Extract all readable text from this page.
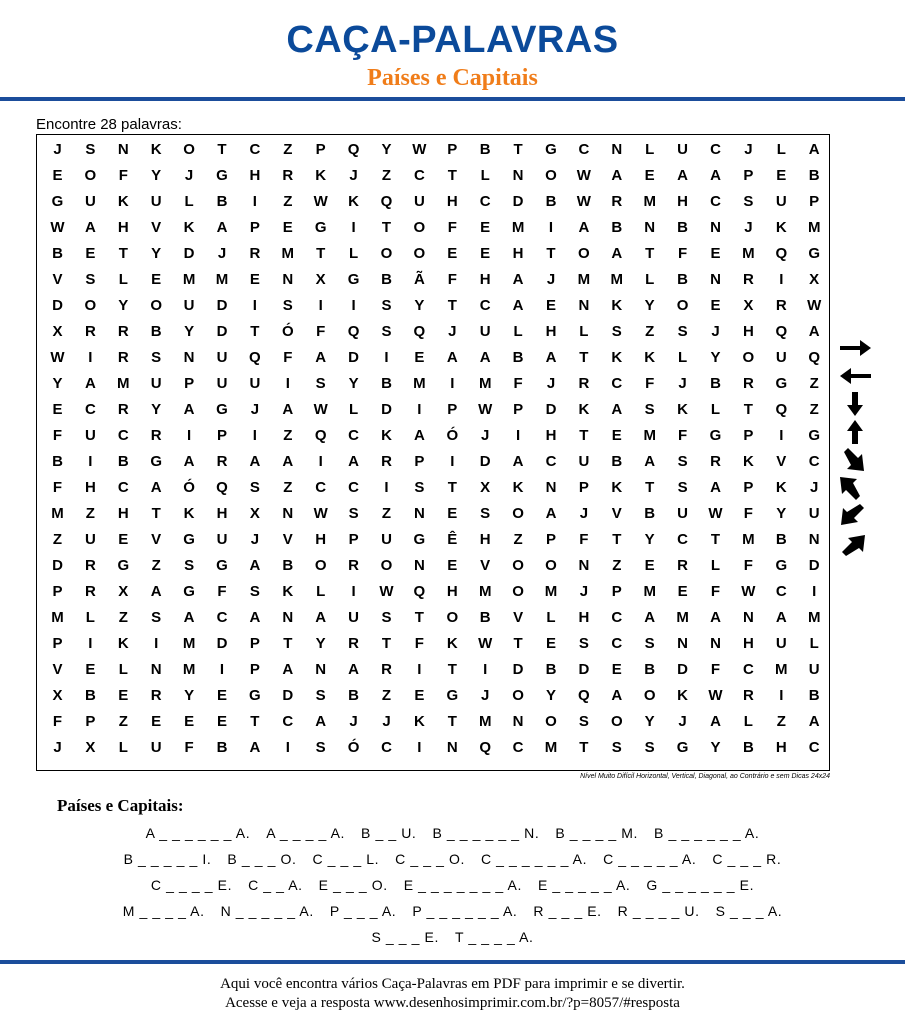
CAÇA-PALAVRAS
Países e Capitais
Encontre 28 palavras:
J	S	N	K	O	T	C	Z	P	Q	Y	W	P	B	T	G	C	N	L	U	C	J	L	A
E	O	F	Y	J	G	H	R	K	J	Z	C	T	L	N	O	W	A	E	A	A	P	E	B
G	U	K	U	L	B	I	Z	W	K	Q	U	H	C	D	B	W	R	M	H	C	S	U	P
W	A	H	V	K	A	P	E	G	I	T	O	F	E	M	I	A	B	N	B	N	J	K	M
B	E	T	Y	D	J	R	M	T	L	O	O	E	E	H	T	O	A	T	F	E	M	Q	G
V	S	L	E	M	M	E	N	X	G	B	Ã	F	H	A	J	M	M	L	B	N	R	I	X
D	O	Y	O	U	D	I	S	I	I	S	Y	T	C	A	E	N	K	Y	O	E	X	R	W
X	R	R	B	Y	D	T	Ó	F	Q	S	Q	J	U	L	H	L	S	Z	S	J	H	Q	A
W	I	R	S	N	U	Q	F	A	D	I	E	A	A	B	A	T	K	K	L	Y	O	U	Q
Y	A	M	U	P	U	U	I	S	Y	B	M	I	M	F	J	R	C	F	J	B	R	G	Z
E	C	R	Y	A	G	J	A	W	L	D	I	P	W	P	D	K	A	S	K	L	T	Q	Z
F	U	C	R	I	P	I	Z	Q	C	K	A	Ó	J	I	H	T	E	M	F	G	P	I	G
B	I	B	G	A	R	A	A	I	A	R	P	I	D	A	C	U	B	A	S	R	K	V	C
F	H	C	A	Ó	Q	S	Z	C	C	I	S	T	X	K	N	P	K	T	S	A	P	K	J
M	Z	H	T	K	H	X	N	W	S	Z	N	E	S	O	A	J	V	B	U	W	F	Y	U
Z	U	E	V	G	U	J	V	H	P	U	G	Ê	H	Z	P	F	T	Y	C	T	M	B	N
D	R	G	Z	S	G	A	B	O	R	O	N	E	V	O	O	N	Z	E	R	L	F	G	D
P	R	X	A	G	F	S	K	L	I	W	Q	H	M	O	M	J	P	M	E	F	W	C	I
M	L	Z	S	A	C	A	N	A	U	S	T	O	B	V	L	H	C	A	M	A	N	A	M
P	I	K	I	M	D	P	T	Y	R	T	F	K	W	T	E	S	C	S	N	N	H	U	L
V	E	L	N	M	I	P	A	N	A	R	I	T	I	D	B	D	E	B	D	F	C	M	U
X	B	E	R	Y	E	G	D	S	B	Z	E	G	J	O	Y	Q	A	O	K	W	R	I	B
F	P	Z	E	E	E	T	C	A	J	J	K	T	M	N	O	S	O	Y	J	A	L	Z	A
J	X	L	U	F	B	A	I	S	Ó	C	I	N	Q	C	M	T	S	S	G	Y	B	H	C
Nível Muito Difícil Horizontal, Vertical, Diagonal, ao Contrário e sem Dicas 24x24
Países e Capitais:
A _ _ _ _ _ _ A. A _ _ _ _ A. B _ _ U. B _ _ _ _ _ _ N. B _ _ _ _ M. B _ _ _ _ _ _ A.
B _ _ _ _ _ I. B _ _ _ O. C _ _ _ L. C _ _ _ O. C _ _ _ _ _ _ A. C _ _ _ _ _ A. C _ _ _ R.
C _ _ _ _ E. C _ _ A. E _ _ _ O. E _ _ _ _ _ _ _ A. E _ _ _ _ _ A. G _ _ _ _ _ _ E.
M _ _ _ _ A. N _ _ _ _ _ A. P _ _ _ A. P _ _ _ _ _ _ A. R _ _ _ E. R _ _ _ _ U. S _ _ _ A.
S _ _ _ E. T _ _ _ _ A.
Aqui você encontra vários Caça-Palavras em PDF para imprimir e se divertir.
Acesse e veja a resposta www.desenhosimprimir.com.br/?p=8057/#resposta
